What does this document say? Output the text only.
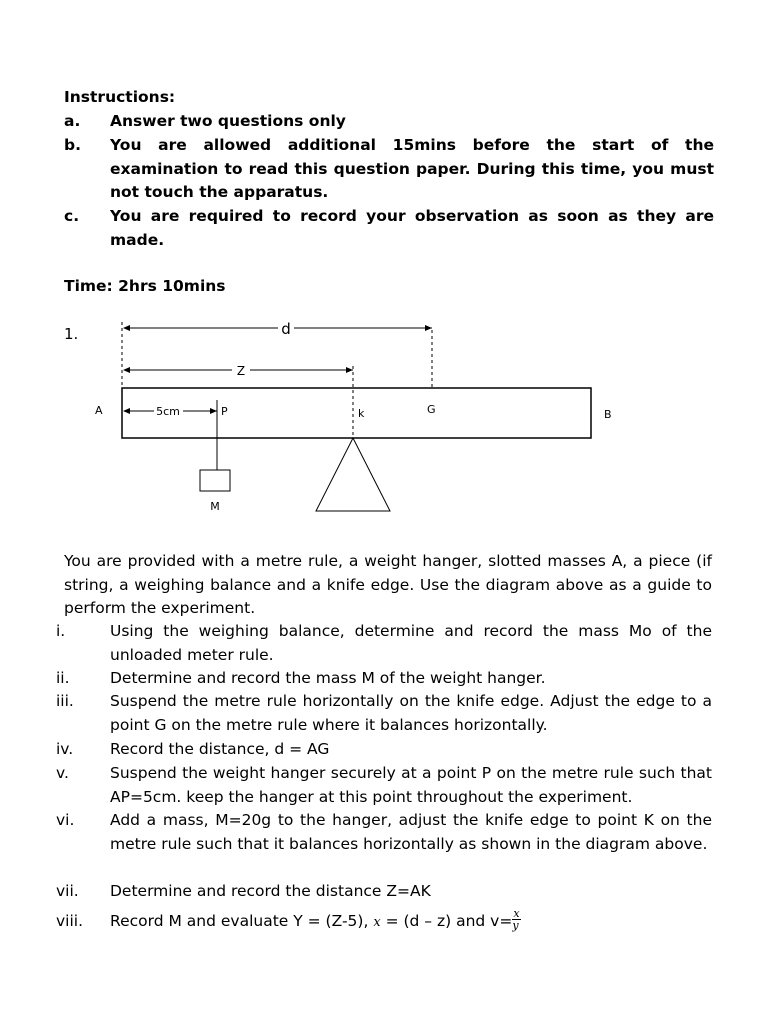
Instructions:
a. Answer two questions only
b. You are allowed additional 15mins before the start of the examination to read this question paper. During this time, you must not touch the apparatus.
c. You are required to record your observation as soon as they are made.
Time: 2hrs 10mins
1.	d
Z
A	B
5cm	P	k	G
M
You are provided with a metre rule, a weight hanger, slotted masses A, a piece (if string, a weighing balance and a knife edge. Use the diagram above as a guide to perform the experiment.
i.	Using the weighing balance, determine and record the mass Mo of the unloaded meter rule.
ii.	Determine and record the mass M of the weight hanger.
iii. Suspend the metre rule horizontally on the knife edge. Adjust the edge to a point G on the metre rule where it balances horizontally.
iv. Record the distance, d = AG
v.	Suspend the weight hanger securely at a point P on the metre rule such that AP=5cm. keep the hanger at this point throughout the experiment.
vi. Add a mass, M=20g to the hanger, adjust the knife edge to point K on the metre rule such that it balances horizontally as shown in the diagram above.
vii. Determine and record the distance Z=AK
viii. Record M and evaluate Y = (Z-5), x = (d – z) and $v= \frac{x}{y}$
